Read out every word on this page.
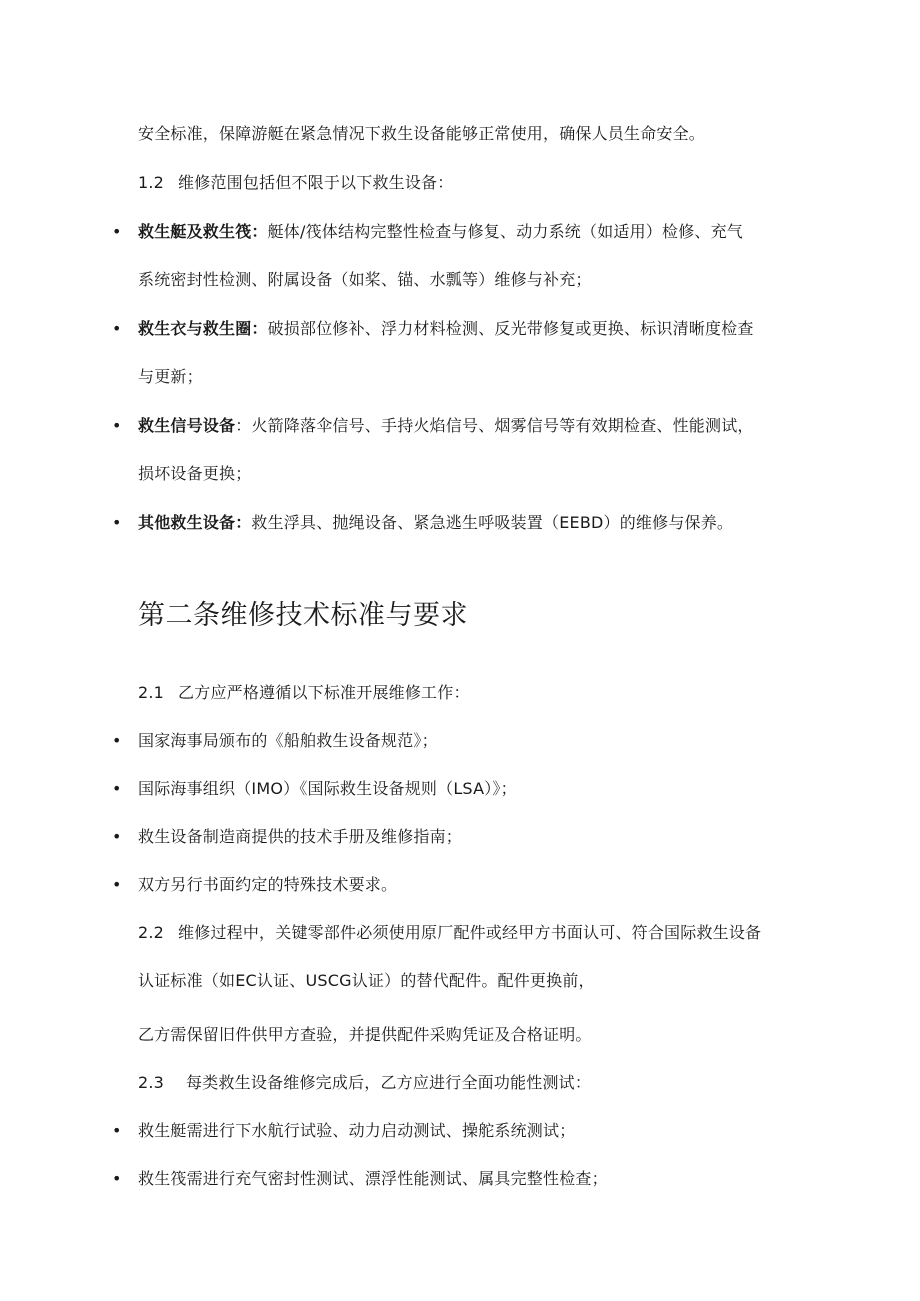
安全标准，保障游艇在紧急情况下救生设备能够正常使用，确保人员生命安全。
1.2 维修范围包括但不限于以下救生设备：
• 救生艇及救生筏：艇体/筏体结构完整性检查与修复、动力系统（如适用）检修、充气
系统密封性检测、附属设备（如桨、锚、水瓢等）维修与补充；
• 救生衣与救生圈：破损部位修补、浮力材料检测、反光带修复或更换、标识清晰度检查
与更新；
• 救生信号设备：火箭降落伞信号、手持火焰信号、烟雾信号等有效期检查、性能测试，
损坏设备更换；
• 其他救生设备：救生浮具、抛绳设备、紧急逃生呼吸装置（EEBD）的维修与保养。
第二条维修技术标准与要求
2.1 乙方应严格遵循以下标准开展维修工作：
• 国家海事局颁布的《船舶救生设备规范》；
• 国际海事组织（IMO）《国际救生设备规则（LSA）》；
• 救生设备制造商提供的技术手册及维修指南；
• 双方另行书面约定的特殊技术要求。
2.2 维修过程中，关键零部件必须使用原厂配件或经甲方书面认可、符合国际救生设备
认证标准（如EC认证、USCG认证）的替代配件。配件更换前，
乙方需保留旧件供甲方查验，并提供配件采购凭证及合格证明。
2.3 每类救生设备维修完成后，乙方应进行全面功能性测试：
• 救生艇需进行下水航行试验、动力启动测试、操舵系统测试；
• 救生筏需进行充气密封性测试、漂浮性能测试、属具完整性检查；
